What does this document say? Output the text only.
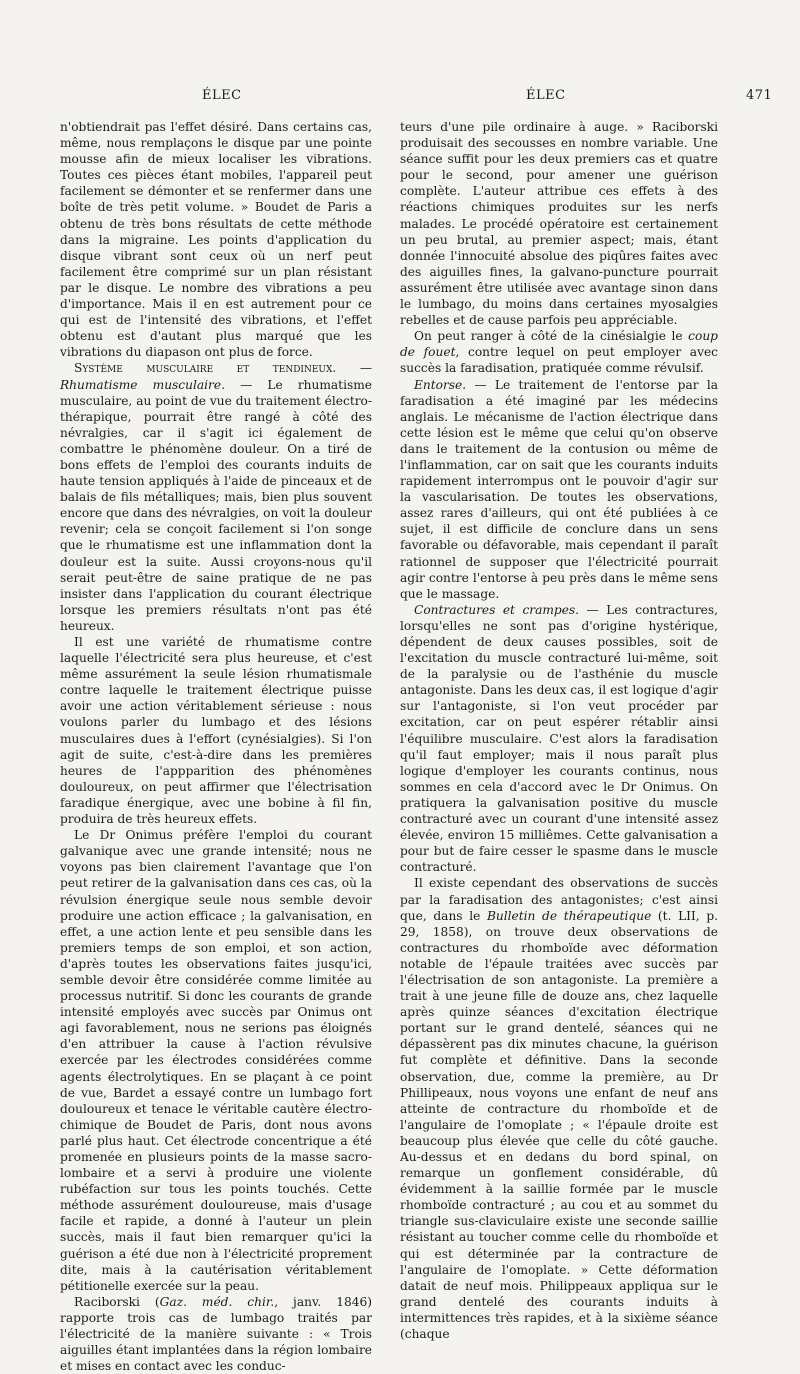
ÉLEC	ÉLEC	471

n'obtiendrait pas l'effet désiré. Dans certains cas, même, nous remplaçons le disque par une pointe mousse afin de mieux localiser les vibrations. Toutes ces pièces étant mobiles, l'appareil peut facilement se démonter et se renfermer dans une boîte de très petit volume. » Boudet de Paris a obtenu de très bons résultats de cette méthode dans la migraine. Les points d'application du disque vibrant sont ceux où un nerf peut facilement être comprimé sur un plan résistant par le disque. Le nombre des vibrations a peu d'importance. Mais il en est autrement pour ce qui est de l'intensité des vibrations, et l'effet obtenu est d'autant plus marqué que les vibrations du diapason ont plus de force.

Système musculaire et tendineux. — Rhumatisme musculaire. — Le rhumatisme musculaire, au point de vue du traitement électro-thérapique, pourrait être rangé à côté des névralgies, car il s'agit ici également de combattre le phénomène douleur. On a tiré de bons effets de l'emploi des courants induits de haute tension appliqués à l'aide de pinceaux et de balais de fils métalliques; mais, bien plus souvent encore que dans des névralgies, on voit la douleur revenir; cela se conçoit facilement si l'on songe que le rhumatisme est une inflammation dont la douleur est la suite. Aussi croyons-nous qu'il serait peut-être de saine pratique de ne pas insister dans l'application du courant électrique lorsque les premiers résultats n'ont pas été heureux.

Il est une variété de rhumatisme contre laquelle l'électricité sera plus heureuse, et c'est même assurément la seule lésion rhumatismale contre laquelle le traitement électrique puisse avoir une action véritablement sérieuse : nous voulons parler du lumbago et des lésions musculaires dues à l'effort (cynésialgies). Si l'on agit de suite, c'est-à-dire dans les premières heures de l'appparition des phénomènes douloureux, on peut affirmer que l'électrisation faradique énergique, avec une bobine à fil fin, produira de très heureux effets.

Le Dr Onimus préfère l'emploi du courant galvanique avec une grande intensité; nous ne voyons pas bien clairement l'avantage que l'on peut retirer de la galvanisation dans ces cas, où la révulsion énergique seule nous semble devoir produire une action efficace ; la galvanisation, en effet, a une action lente et peu sensible dans les premiers temps de son emploi, et son action, d'après toutes les observations faites jusqu'ici, semble devoir être considérée comme limitée au processus nutritif. Si donc les courants de grande intensité employés avec succès par Onimus ont agi favorablement, nous ne serions pas éloignés d'en attribuer la cause à l'action révulsive exercée par les électrodes considérées comme agents électrolytiques. En se plaçant à ce point de vue, Bardet a essayé contre un lumbago fort douloureux et tenace le véritable cautère électro-chimique de Boudet de Paris, dont nous avons parlé plus haut. Cet électrode concentrique a été promenée en plusieurs points de la masse sacro-lombaire et a servi à produire une violente rubéfaction sur tous les points touchés. Cette méthode assurément douloureuse, mais d'usage facile et rapide, a donné à l'auteur un plein succès, mais il faut bien remarquer qu'ici la guérison a été due non à l'électricité proprement dite, mais à la cautérisation véritablement pétitionelle exercée sur la peau.

Raciborski (Gaz. méd. chir., janv. 1846) rapporte trois cas de lumbago traités par l'électricité de la manière suivante : « Trois aiguilles étant implantées dans la région lombaire et mises en contact avec les conduc-

teurs d'une pile ordinaire à auge. » Raciborski produisait des secousses en nombre variable. Une séance suffit pour les deux premiers cas et quatre pour le second, pour amener une guérison complète. L'auteur attribue ces effets à des réactions chimiques produites sur les nerfs malades. Le procédé opératoire est certainement un peu brutal, au premier aspect; mais, étant donnée l'innocuité absolue des piqûres faites avec des aiguilles fines, la galvano-puncture pourrait assurément être utilisée avec avantage sinon dans le lumbago, du moins dans certaines myosalgies rebelles et de cause parfois peu appréciable.

On peut ranger à côté de la cinésialgie le coup de fouet, contre lequel on peut employer avec succès la faradisation, pratiquée comme révulsif.

Entorse. — Le traitement de l'entorse par la faradisation a été imaginé par les médecins anglais. Le mécanisme de l'action électrique dans cette lésion est le même que celui qu'on observe dans le traitement de la contusion ou même de l'inflammation, car on sait que les courants induits rapidement interrompus ont le pouvoir d'agir sur la vascularisation. De toutes les observations, assez rares d'ailleurs, qui ont été publiées à ce sujet, il est difficile de conclure dans un sens favorable ou défavorable, mais cependant il paraît rationnel de supposer que l'électricité pourrait agir contre l'entorse à peu près dans le même sens que le massage.

Contractures et crampes. — Les contractures, lorsqu'elles ne sont pas d'origine hystérique, dépendent de deux causes possibles, soit de l'excitation du muscle contracturé lui-même, soit de la paralysie ou de l'asthénie du muscle antagoniste. Dans les deux cas, il est logique d'agir sur l'antagoniste, si l'on veut procéder par excitation, car on peut espérer rétablir ainsi l'équilibre musculaire. C'est alors la faradisation qu'il faut employer; mais il nous paraît plus logique d'employer les courants continus, nous sommes en cela d'accord avec le Dr Onimus. On pratiquera la galvanisation positive du muscle contracturé avec un courant d'une intensité assez élevée, environ 15 milliêmes. Cette galvanisation a pour but de faire cesser le spasme dans le muscle contracturé.

Il existe cependant des observations de succès par la faradisation des antagonistes; c'est ainsi que, dans le Bulletin de thérapeutique (t. LII, p. 29, 1858), on trouve deux observations de contractures du rhomboïde avec déformation notable de l'épaule traitées avec succès par l'électrisation de son antagoniste. La première a trait à une jeune fille de douze ans, chez laquelle après quinze séances d'excitation électrique portant sur le grand dentelé, séances qui ne dépassèrent pas dix minutes chacune, la guérison fut complète et définitive. Dans la seconde observation, due, comme la première, au Dr Phillipeaux, nous voyons une enfant de neuf ans atteinte de contracture du rhomboïde et de l'angulaire de l'omoplate ; « l'épaule droite est beaucoup plus élevée que celle du côté gauche. Au-dessus et en dedans du bord spinal, on remarque un gonflement considérable, dû évidemment à la saillie formée par le muscle rhomboïde contracturé ; au cou et au sommet du triangle sus-claviculaire existe une seconde saillie résistant au toucher comme celle du rhomboïde et qui est déterminée par la contracture de l'angulaire de l'omoplate. » Cette déformation datait de neuf mois. Philippeaux appliqua sur le grand dentelé des courants induits à intermittences très rapides, et à la sixième séance (chaque
